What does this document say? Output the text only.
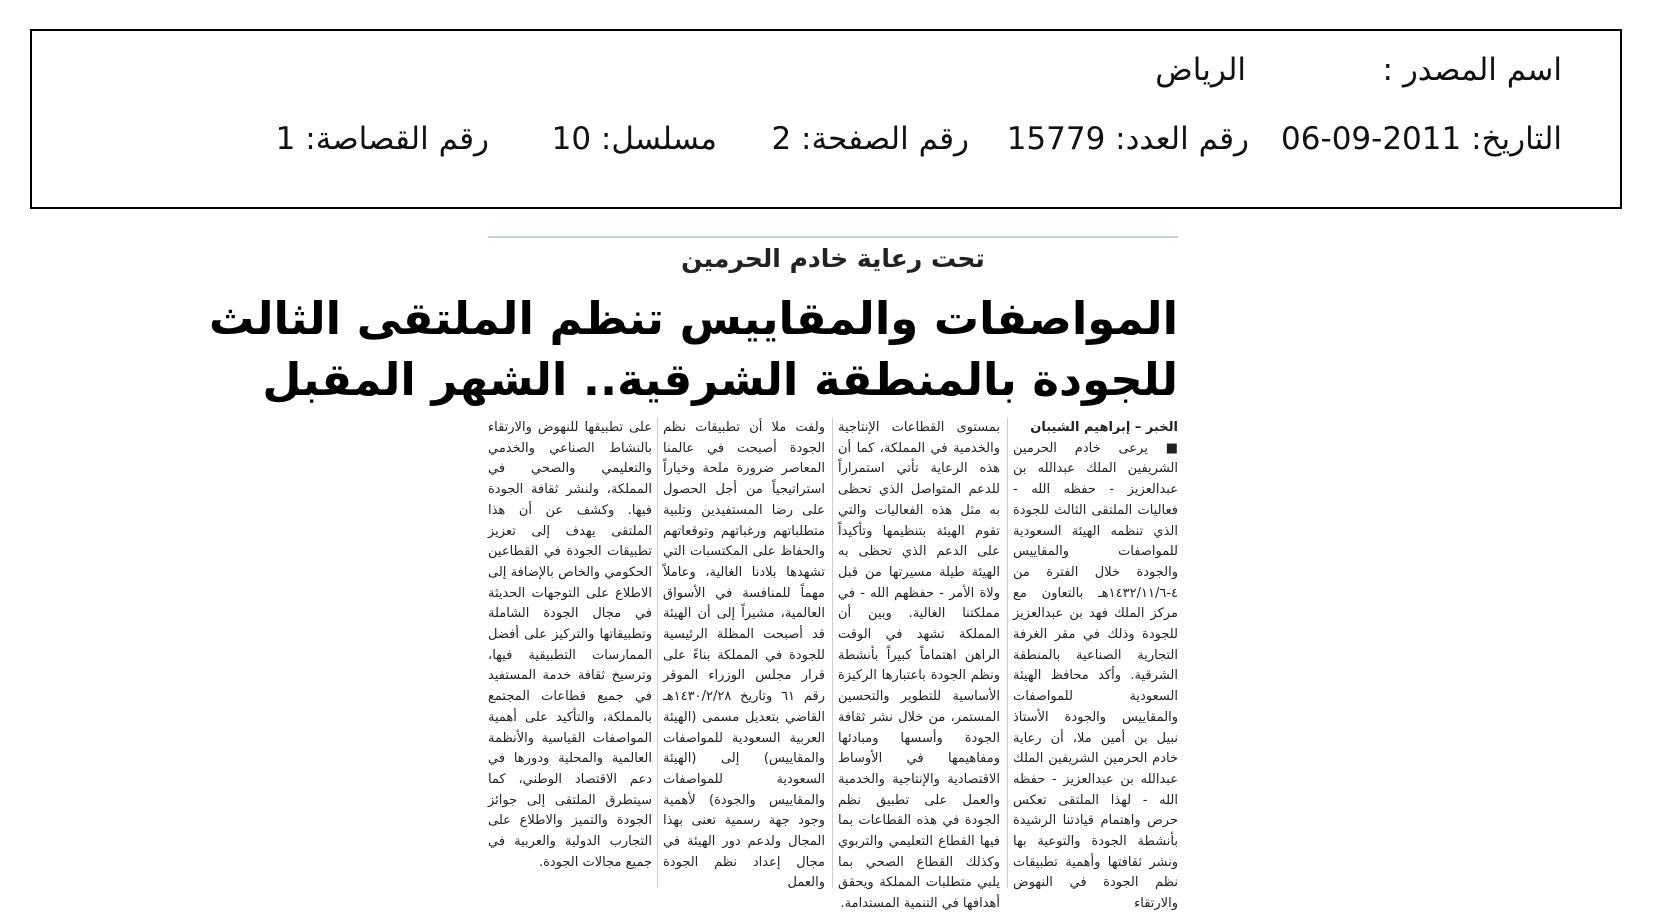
اسم المصدر :
الرياض
التاريخ: 2011-09-06
رقم العدد: 15779
رقم الصفحة: 2
مسلسل: 10
رقم القصاصة: 1
تحت رعاية خادم الحرمين
المواصفات والمقاييس تنظم الملتقى الثالث
للجودة بالمنطقة الشرقية.. الشهر المقبل
الخبر – إبراهيم الشيبان
■ يرعى خادم الحرمين الشريفين الملك عبدالله بن عبدالعزيز - حفظه الله - فعاليات الملتقى الثالث للجودة الذي تنظمه الهيئة السعودية للمواصفات والمقاييس والجودة خلال الفترة من ٤-١٤٣٢/١١/٦هـ بالتعاون مع مركز الملك فهد بن عبدالعزيز للجودة وذلك في مقر الغرفة التجارية الصناعية بالمنطقة الشرقية. وأكد محافظ الهيئة السعودية للمواصفات والمقاييس والجودة الأستاذ نبيل بن أمين ملا، أن رعاية خادم الحرمين الشريفين الملك عبدالله بن عبدالعزيز - حفظه الله - لهذا الملتقى تعكس حرص واهتمام قيادتنا الرشيدة بأنشطة الجودة والتوعية بها ونشر ثقافتها وأهمية تطبيقات نظم الجودة في النهوض والارتقاء
بمستوى القطاعات الإنتاجية والخدمية في المملكة، كما أن هذه الرعاية تأتي استمراراً للدعم المتواصل الذي تحظى به مثل هذه الفعاليات والتي تقوم الهيئة بتنظيمها وتأكيداً على الدعم الذي تحظى به الهيئة طيلة مسيرتها من قبل ولاة الأمر - حفظهم الله - في مملكتنا الغالية. وبين أن المملكة تشهد في الوقت الراهن اهتماماً كبيراً بأنشطة ونظم الجودة باعتبارها الركيزة الأساسية للتطوير والتحسين المستمر، من خلال نشر ثقافة الجودة وأسسها ومبادئها ومفاهيمها في الأوساط الاقتصادية والإنتاجية والخدمية والعمل على تطبيق نظم الجودة في هذه القطاعات بما فيها القطاع التعليمي والتربوي وكذلك القطاع الصحي بما يلبي متطلبات المملكة ويحقق أهدافها في التنمية المستدامة.
ولفت ملا أن تطبيقات نظم الجودة أصبحت في عالمنا المعاصر ضرورة ملحة وخياراً استراتيجياً من أجل الحصول على رضا المستفيدين وتلبية متطلباتهم ورغباتهم وتوقعاتهم والحفاظ على المكتسبات التي تشهدها بلادنا الغالية، وعاملاً مهماً للمنافسة في الأسواق العالمية، مشيراً إلى أن الهيئة قد أصبحت المظلة الرئيسية للجودة في المملكة بناءً على قرار مجلس الوزراء الموقر رقم ٦١ وتاريخ ١٤٣٠/٢/٢٨هـ القاضي بتعديل مسمى (الهيئة العربية السعودية للمواصفات والمقاييس) إلى (الهيئة السعودية للمواصفات والمقاييس والجودة) لأهمية وجود جهة رسمية تعنى بهذا المجال ولدعم دور الهيئة في مجال إعداد نظم الجودة والعمل
على تطبيقها للنهوض والارتقاء بالنشاط الصناعي والخدمي والتعليمي والصحي في المملكة، ولنشر ثقافة الجودة فيها. وكشف عن أن هذا الملتقى يهدف إلى تعزيز تطبيقات الجودة في القطاعين الحكومي والخاص بالإضافة إلى الاطلاع على التوجهات الحديثة في مجال الجودة الشاملة وتطبيقاتها والتركيز على أفضل الممارسات التطبيقية فيها، وترسيخ ثقافة خدمة المستفيد في جميع قطاعات المجتمع بالمملكة، والتأكيد على أهمية المواصفات القياسية والأنظمة العالمية والمحلية ودورها في دعم الاقتصاد الوطني، كما سيتطرق الملتقى إلى جوائز الجودة والتميز والاطلاع على التجارب الدولية والعربية في جميع مجالات الجودة.
